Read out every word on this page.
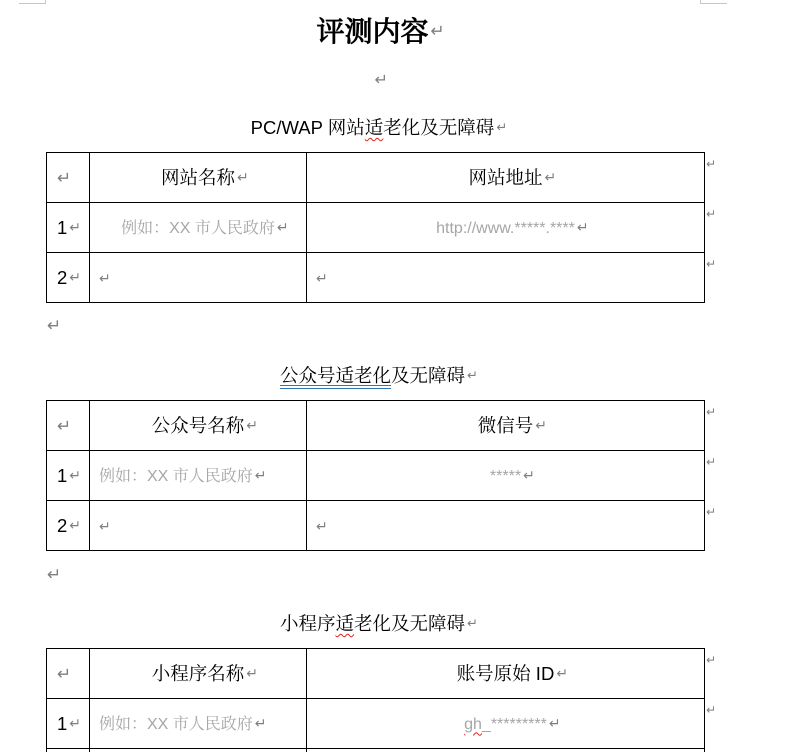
评测内容 ↵
↵
PC/WAP 网站适老化及无障碍 ↵
↵	网站名称 ↵	网站地址 ↵
↵

1 ↵	例如：XX 市人民政府 ↵	http://www.*****.**** ↵
↵

2 ↵	↵	↵
↵
↵
公众号适老化及无障碍 ↵
↵	公众号名称 ↵	微信号 ↵
↵

1 ↵	例如：XX 市人民政府 ↵	***** ↵
↵

2 ↵	↵	↵
↵
↵
小程序适老化及无障碍 ↵
↵	小程序名称 ↵	账号原始 ID ↵
↵

1 ↵	例如：XX 市人民政府 ↵	gh_********* ↵
↵
